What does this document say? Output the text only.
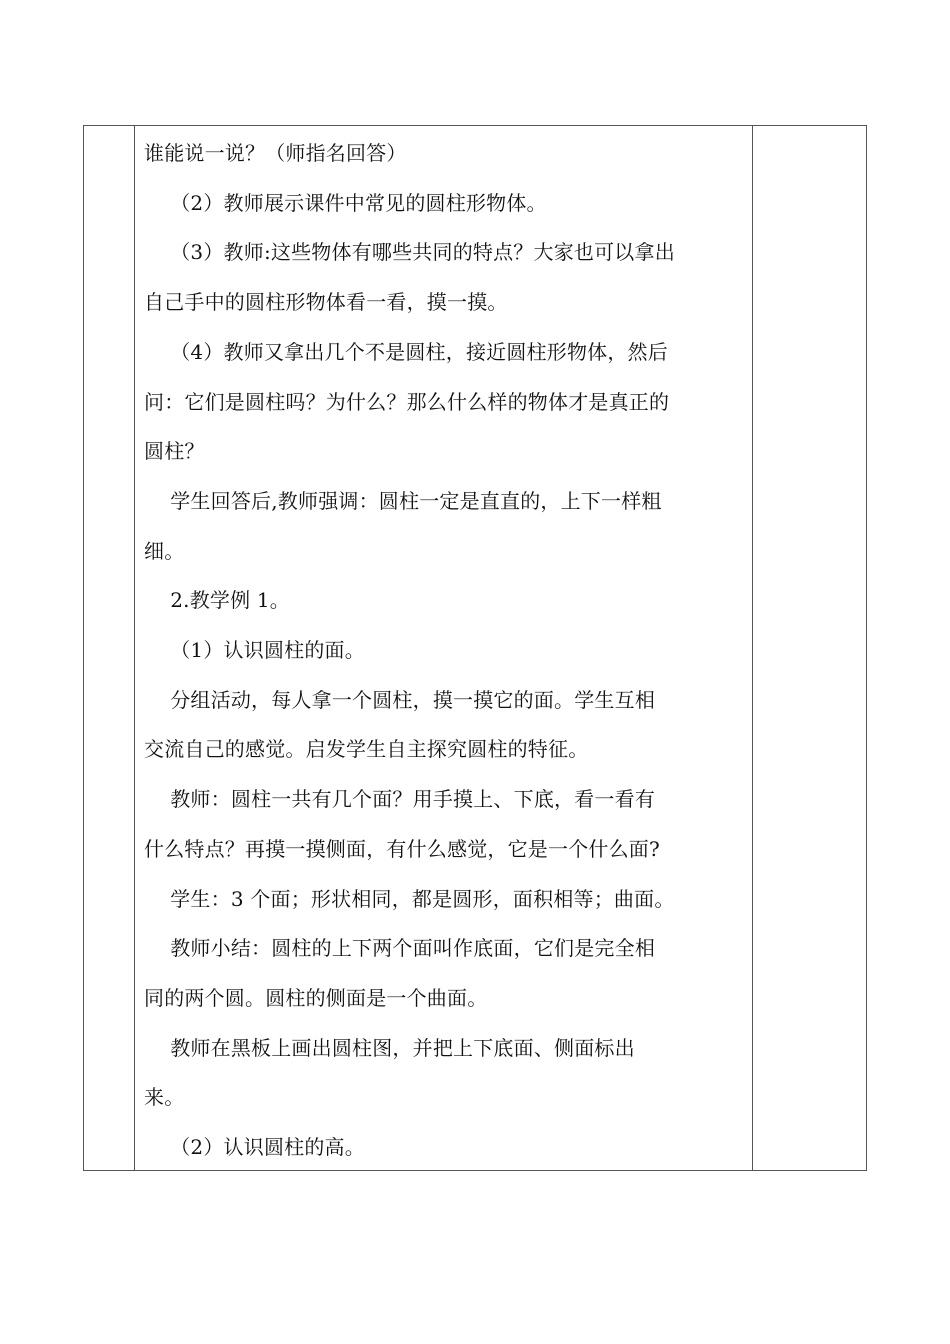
谁能说一说？（师指名回答）

（2）教师展示课件中常见的圆柱形物体。

（3）教师:这些物体有哪些共同的特点？大家也可以拿出

自己手中的圆柱形物体看一看，摸一摸。

（4）教师又拿出几个不是圆柱，接近圆柱形物体，然后

问：它们是圆柱吗？为什么？那么什么样的物体才是真正的

圆柱？

学生回答后,教师强调：圆柱一定是直直的，上下一样粗

细。

2.教学例 1。

（1）认识圆柱的面。

分组活动，每人拿一个圆柱，摸一摸它的面。学生互相

交流自己的感觉。启发学生自主探究圆柱的特征。

教师：圆柱一共有几个面？用手摸上、下底，看一看有

什么特点？再摸一摸侧面，有什么感觉，它是一个什么面?

学生：3 个面；形状相同，都是圆形，面积相等；曲面。

教师小结：圆柱的上下两个面叫作底面，它们是完全相

同的两个圆。圆柱的侧面是一个曲面。

教师在黑板上画出圆柱图，并把上下底面、侧面标出

来。

（2）认识圆柱的高。
